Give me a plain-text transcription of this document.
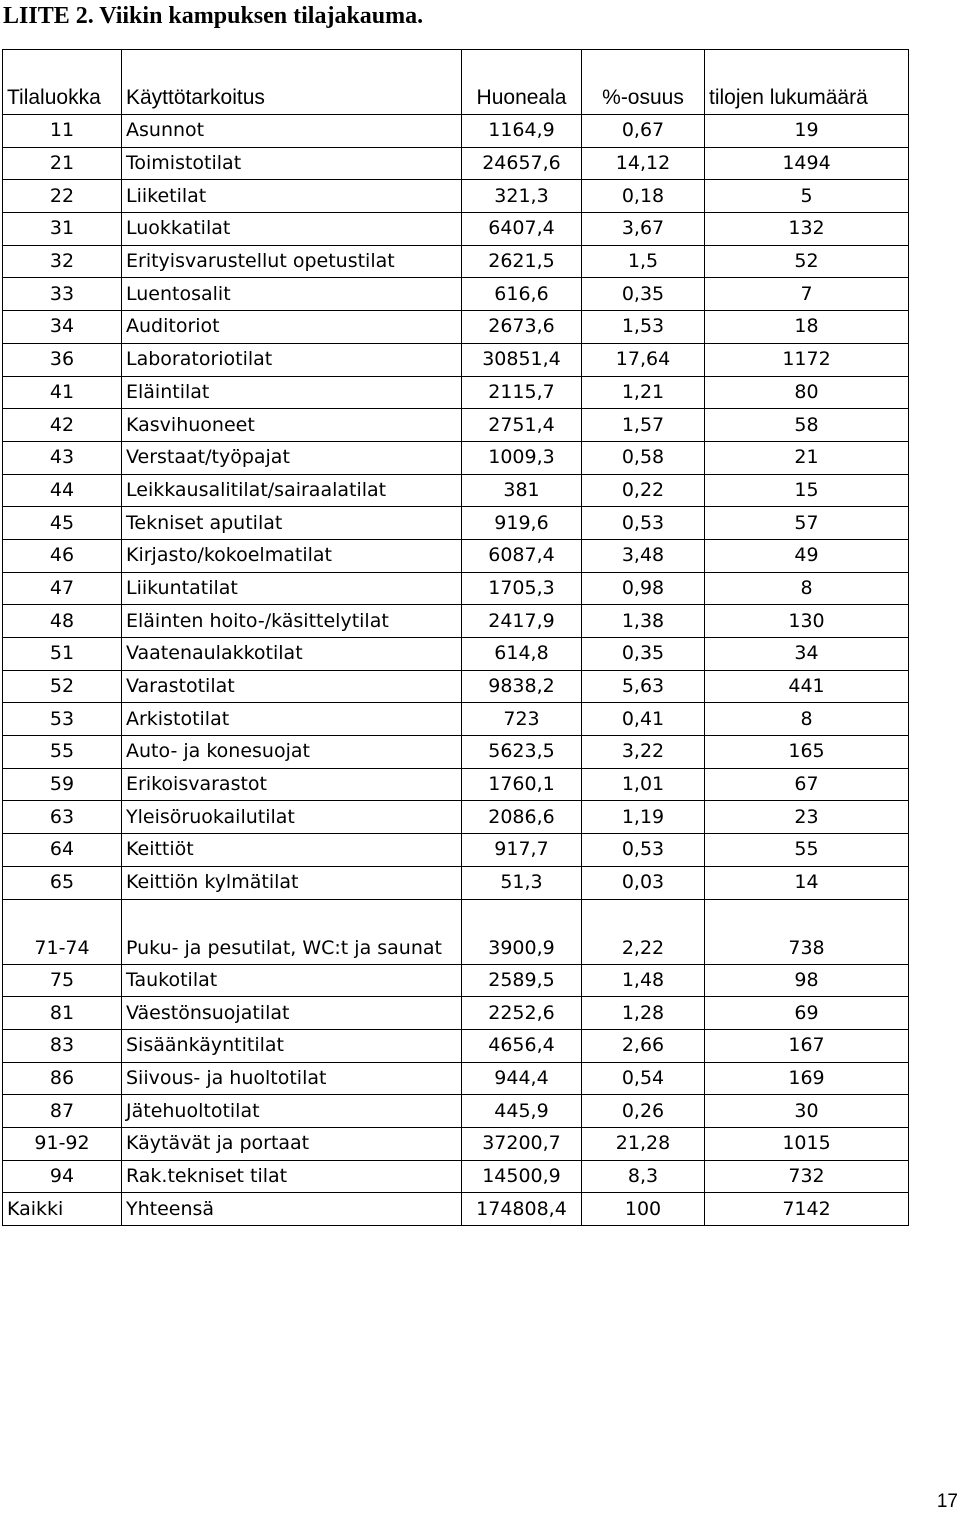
LIITE 2. Viikin kampuksen tilajakauma.
Tilaluokka	Käyttötarkoitus	Huoneala	%-osuus	tilojen lukumäärä
11	Asunnot	1164,9	0,67	19
21	Toimistotilat	24657,6	14,12	1494
22	Liiketilat	321,3	0,18	5
31	Luokkatilat	6407,4	3,67	132
32	Erityisvarustellut opetustilat	2621,5	1,5	52
33	Luentosalit	616,6	0,35	7
34	Auditoriot	2673,6	1,53	18
36	Laboratoriotilat	30851,4	17,64	1172
41	Eläintilat	2115,7	1,21	80
42	Kasvihuoneet	2751,4	1,57	58
43	Verstaat/työpajat	1009,3	0,58	21
44	Leikkausalitilat/sairaalatilat	381	0,22	15
45	Tekniset aputilat	919,6	0,53	57
46	Kirjasto/kokoelmatilat	6087,4	3,48	49
47	Liikuntatilat	1705,3	0,98	8
48	Eläinten hoito-/käsittelytilat	2417,9	1,38	130
51	Vaatenaulakkotilat	614,8	0,35	34
52	Varastotilat	9838,2	5,63	441
53	Arkistotilat	723	0,41	8
55	Auto- ja konesuojat	5623,5	3,22	165
59	Erikoisvarastot	1760,1	1,01	67
63	Yleisöruokailutilat	2086,6	1,19	23
64	Keittiöt	917,7	0,53	55
65	Keittiön kylmätilat	51,3	0,03	14
71-74	Puku- ja pesutilat, WC:t ja saunat	3900,9	2,22	738
75	Taukotilat	2589,5	1,48	98
81	Väestönsuojatilat	2252,6	1,28	69
83	Sisäänkäyntitilat	4656,4	2,66	167
86	Siivous- ja huoltotilat	944,4	0,54	169
87	Jätehuoltotilat	445,9	0,26	30
91-92	Käytävät ja portaat	37200,7	21,28	1015
94	Rak.tekniset tilat	14500,9	8,3	732
Kaikki	Yhteensä	174808,4	100	7142
17
